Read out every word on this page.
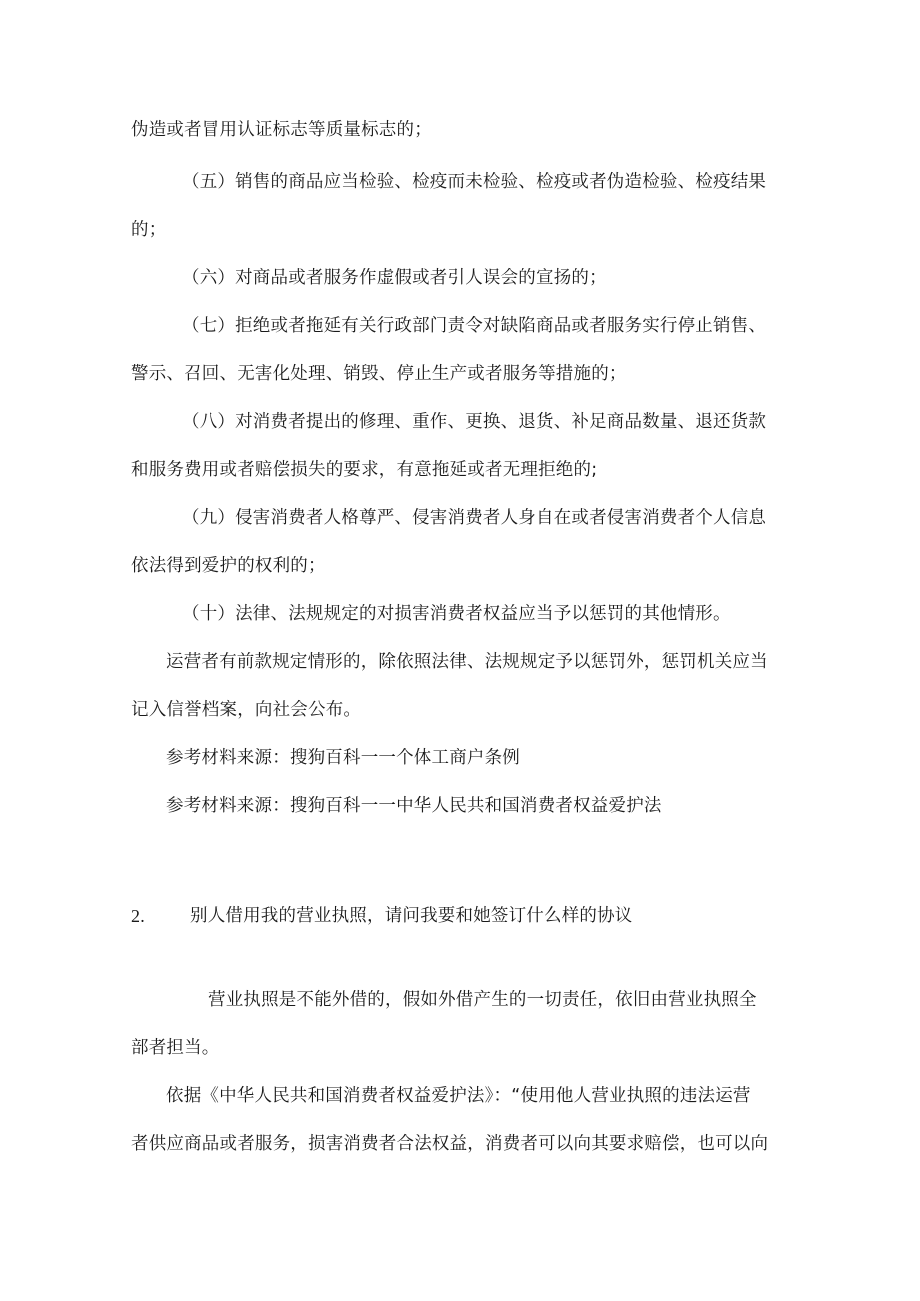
伪造或者冒用认证标志等质量标志的；
（五）销售的商品应当检验、检疫而未检验、检疫或者伪造检验、检疫结果
的；
（六）对商品或者服务作虚假或者引人误会的宣扬的；
（七）拒绝或者拖延有关行政部门责令对缺陷商品或者服务实行停止销售、
警示、召回、无害化处理、销毁、停止生产或者服务等措施的；
（八）对消费者提出的修理、重作、更换、退货、补足商品数量、退还货款
和服务费用或者赔偿损失的要求，有意拖延或者无理拒绝的;
（九）侵害消费者人格尊严、侵害消费者人身自在或者侵害消费者个人信息
依法得到爱护的权利的；
（十）法律、法规规定的对损害消费者权益应当予以惩罚的其他情形。
运营者有前款规定情形的，除依照法律、法规规定予以惩罚外，惩罚机关应当
记入信誉档案，向社会公布。
参考材料来源：搜狗百科一一个体工商户条例
参考材料来源：搜狗百科一一中华人民共和国消费者权益爱护法
2.	别人借用我的营业执照，请问我要和她签订什么样的协议
营业执照是不能外借的，假如外借产生的一切责任，依旧由营业执照全
部者担当。
依据《中华人民共和国消费者权益爱护法》：“使用他人营业执照的违法运营
者供应商品或者服务，损害消费者合法权益，消费者可以向其要求赔偿，也可以向
